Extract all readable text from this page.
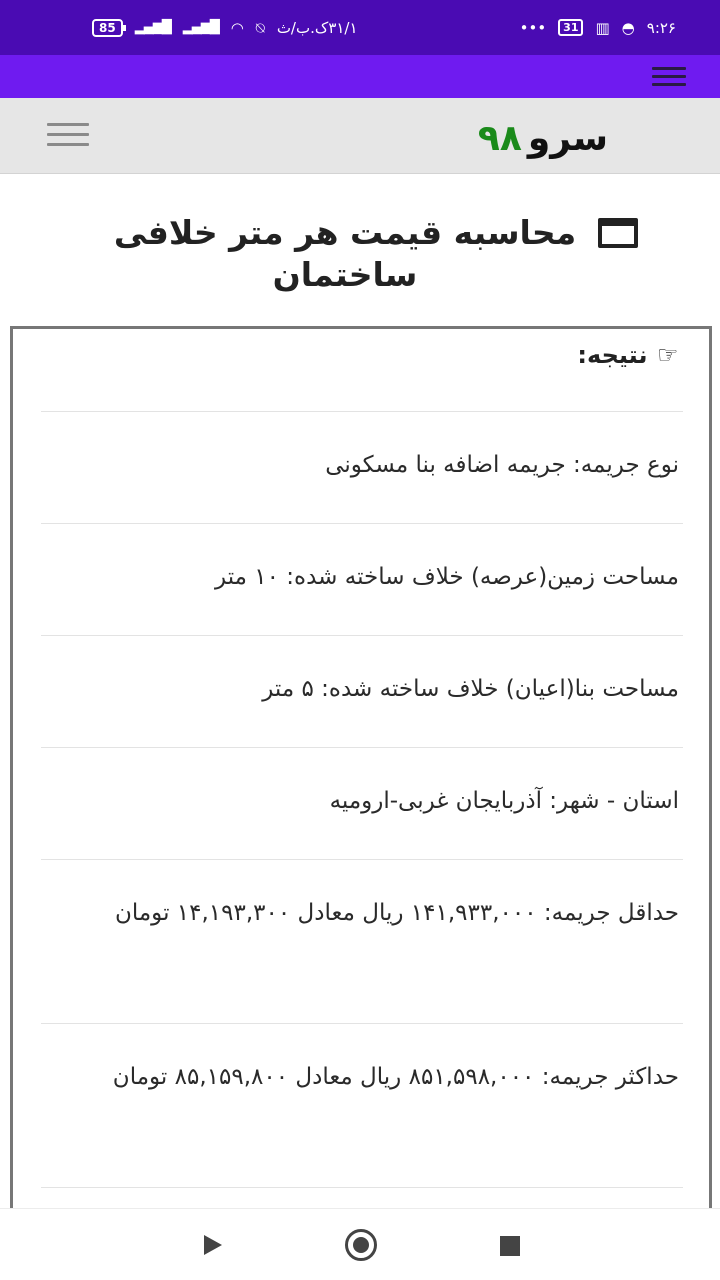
85	▂▄▆█ ▂▄▆█ ◠ ⍉ ۳۱/۱ک.ب/ث	•••	31	▥ ◓ ۹:۲۶
سرو۹۸
محاسبه قیمت هر متر خلافی ساختمان
☜
نتیجه:
نوع جریمه: جریمه اضافه بنا مسکونی
مساحت زمین(عرصه) خلاف ساخته شده: ۱۰ متر
مساحت بنا(اعیان) خلاف ساخته شده: ۵ متر
استان - شهر: آذربایجان غربی-ارومیه
حداقل جریمه: ۱۴۱,۹۳۳,۰۰۰ ریال معادل ۱۴,۱۹۳,۳۰۰ تومان
حداکثر جریمه: ۸۵۱,۵۹۸,۰۰۰ ریال معادل ۸۵,۱۵۹,۸۰۰ تومان
